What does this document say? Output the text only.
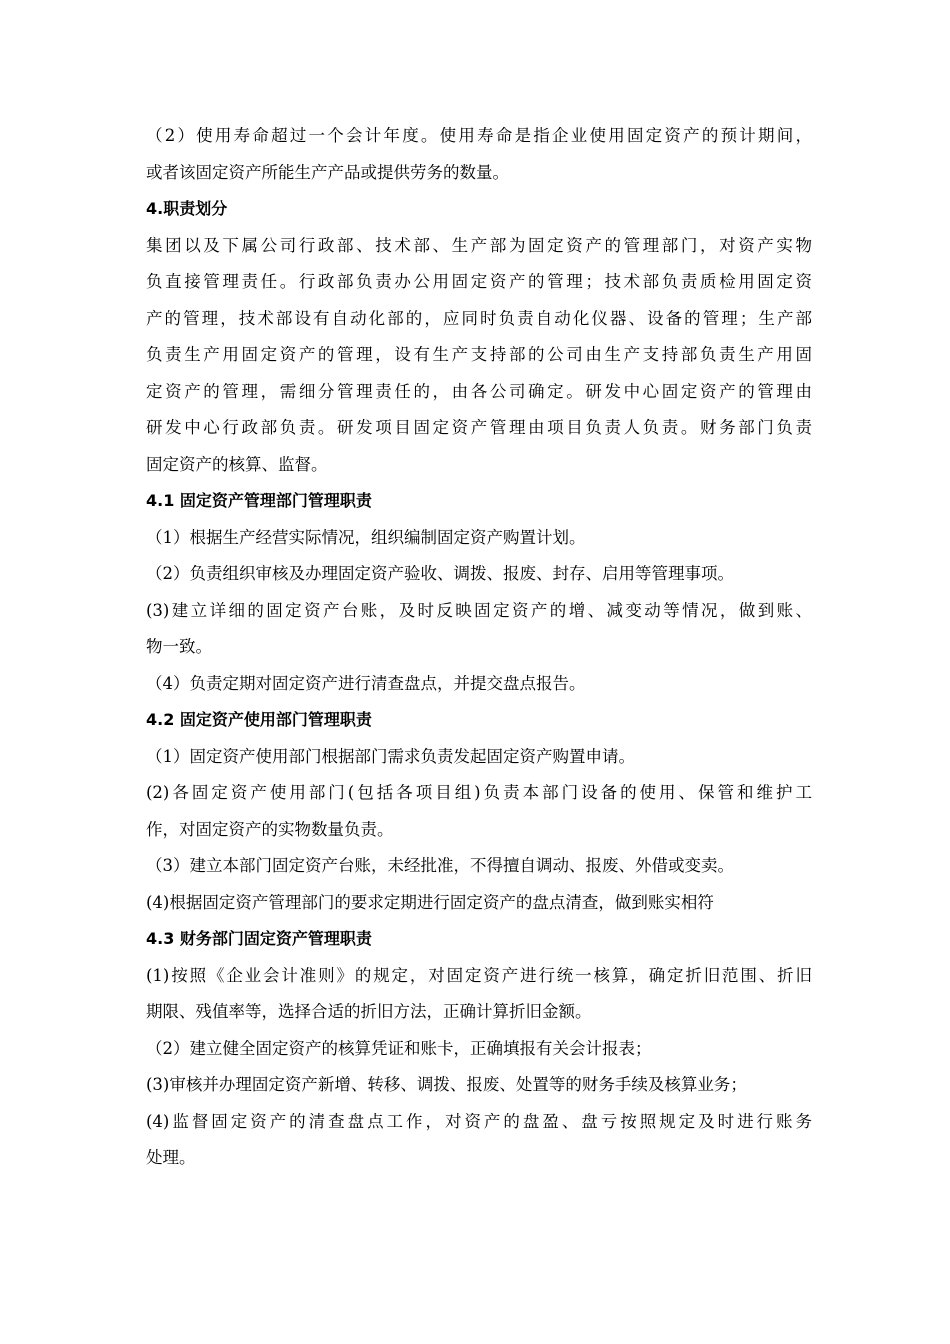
（2）使用寿命超过一个会计年度。使用寿命是指企业使用固定资产的预计期间，
或者该固定资产所能生产产品或提供劳务的数量。
4.职责划分
集团以及下属公司行政部、技术部、生产部为固定资产的管理部门，对资产实物
负直接管理责任。行政部负责办公用固定资产的管理；技术部负责质检用固定资
产的管理，技术部设有自动化部的，应同时负责自动化仪器、设备的管理；生产部
负责生产用固定资产的管理，设有生产支持部的公司由生产支持部负责生产用固
定资产的管理，需细分管理责任的，由各公司确定。研发中心固定资产的管理由
研发中心行政部负责。研发项目固定资产管理由项目负责人负责。财务部门负责
固定资产的核算、监督。
4.1 固定资产管理部门管理职责
（1）根据生产经营实际情况，组织编制固定资产购置计划。
（2）负责组织审核及办理固定资产验收、调拨、报废、封存、启用等管理事项。
(3)建立详细的固定资产台账，及时反映固定资产的增、减变动等情况，做到账、
物一致。
（4）负责定期对固定资产进行清查盘点，并提交盘点报告。
4.2 固定资产使用部门管理职责
（1）固定资产使用部门根据部门需求负责发起固定资产购置申请。
(2)各固定资产使用部门(包括各项目组)负责本部门设备的使用、保管和维护工
作，对固定资产的实物数量负责。
（3）建立本部门固定资产台账，未经批准，不得擅自调动、报废、外借或变卖。
(4)根据固定资产管理部门的要求定期进行固定资产的盘点清查，做到账实相符
4.3 财务部门固定资产管理职责
(1)按照《企业会计准则》的规定，对固定资产进行统一核算，确定折旧范围、折旧
期限、残值率等，选择合适的折旧方法，正确计算折旧金额。
（2）建立健全固定资产的核算凭证和账卡，正确填报有关会计报表；
(3)审核并办理固定资产新增、转移、调拨、报废、处置等的财务手续及核算业务；
(4)监督固定资产的清查盘点工作，对资产的盘盈、盘亏按照规定及时进行账务
处理。
